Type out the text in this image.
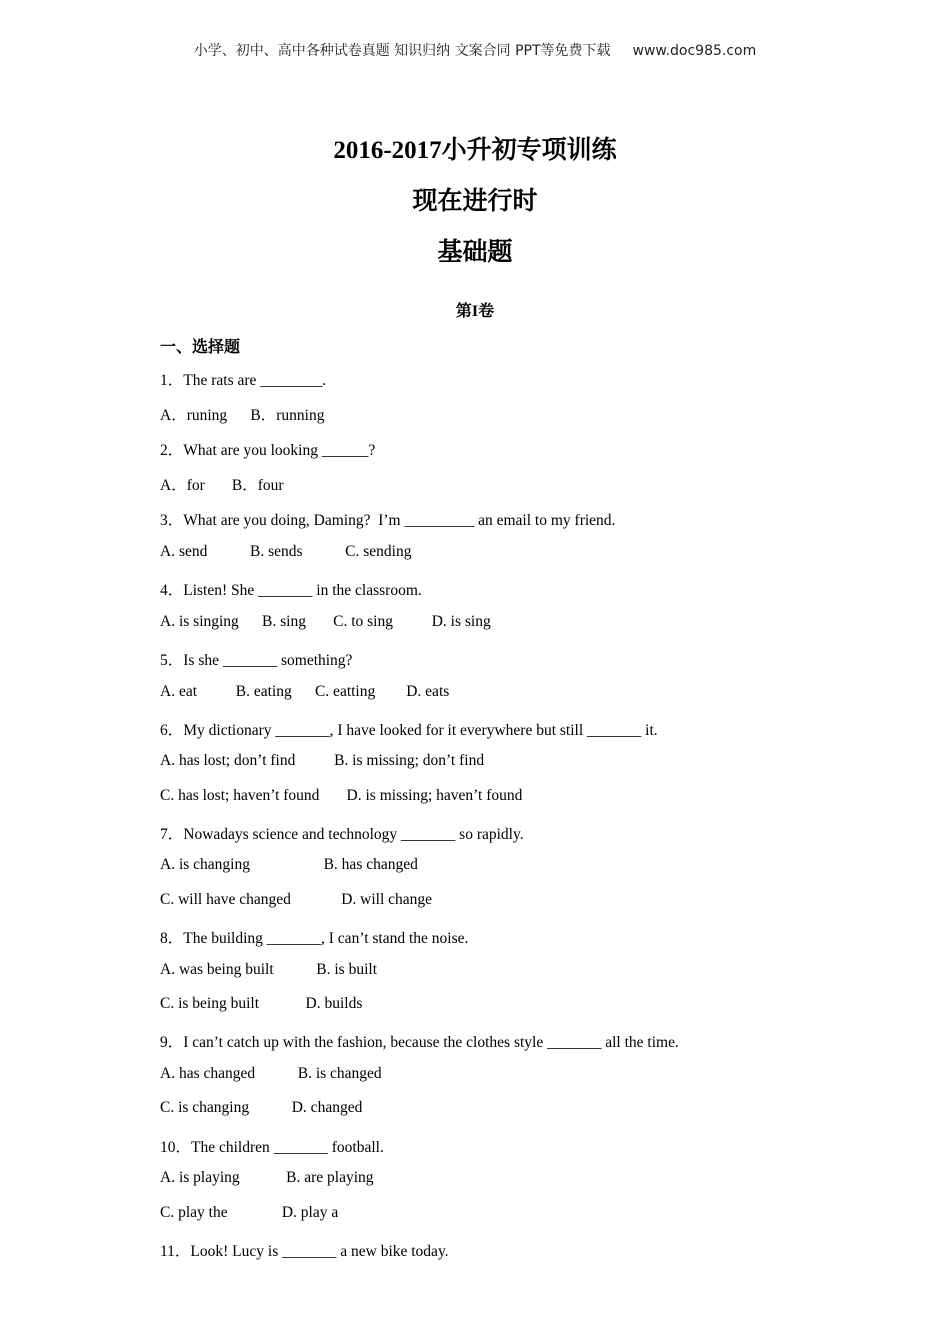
小学、初中、高中各种试卷真题 知识归纳 文案合同 PPT等免费下载 www.doc985.com
2016-2017小升初专项训练
现在进行时
基础题
第I卷
一、选择题
1．The rats are ________.
A．runing      B．running
2．What are you looking ______?
A．for       B．four
3．What are you doing, Daming?  I’m _________ an email to my friend.
A. send           B. sends           C. sending
4．Listen! She _______ in the classroom.
A. is singing      B. sing       C. to sing          D. is sing
5．Is she _______ something?
A. eat          B. eating      C. eatting        D. eats
6．My dictionary _______, I have looked for it everywhere but still _______ it.
A. has lost; don’t find          B. is missing; don’t find
C. has lost; haven’t found       D. is missing; haven’t found
7．Nowadays science and technology _______ so rapidly.
A. is changing                   B. has changed
C. will have changed             D. will change
8．The building _______, I can’t stand the noise.
A. was being built           B. is built
C. is being built            D. builds
9．I can’t catch up with the fashion, because the clothes style _______ all the time.
A. has changed           B. is changed
C. is changing           D. changed
10．The children _______ football.
A. is playing            B. are playing
C. play the              D. play a
11．Look! Lucy is _______ a new bike today.
